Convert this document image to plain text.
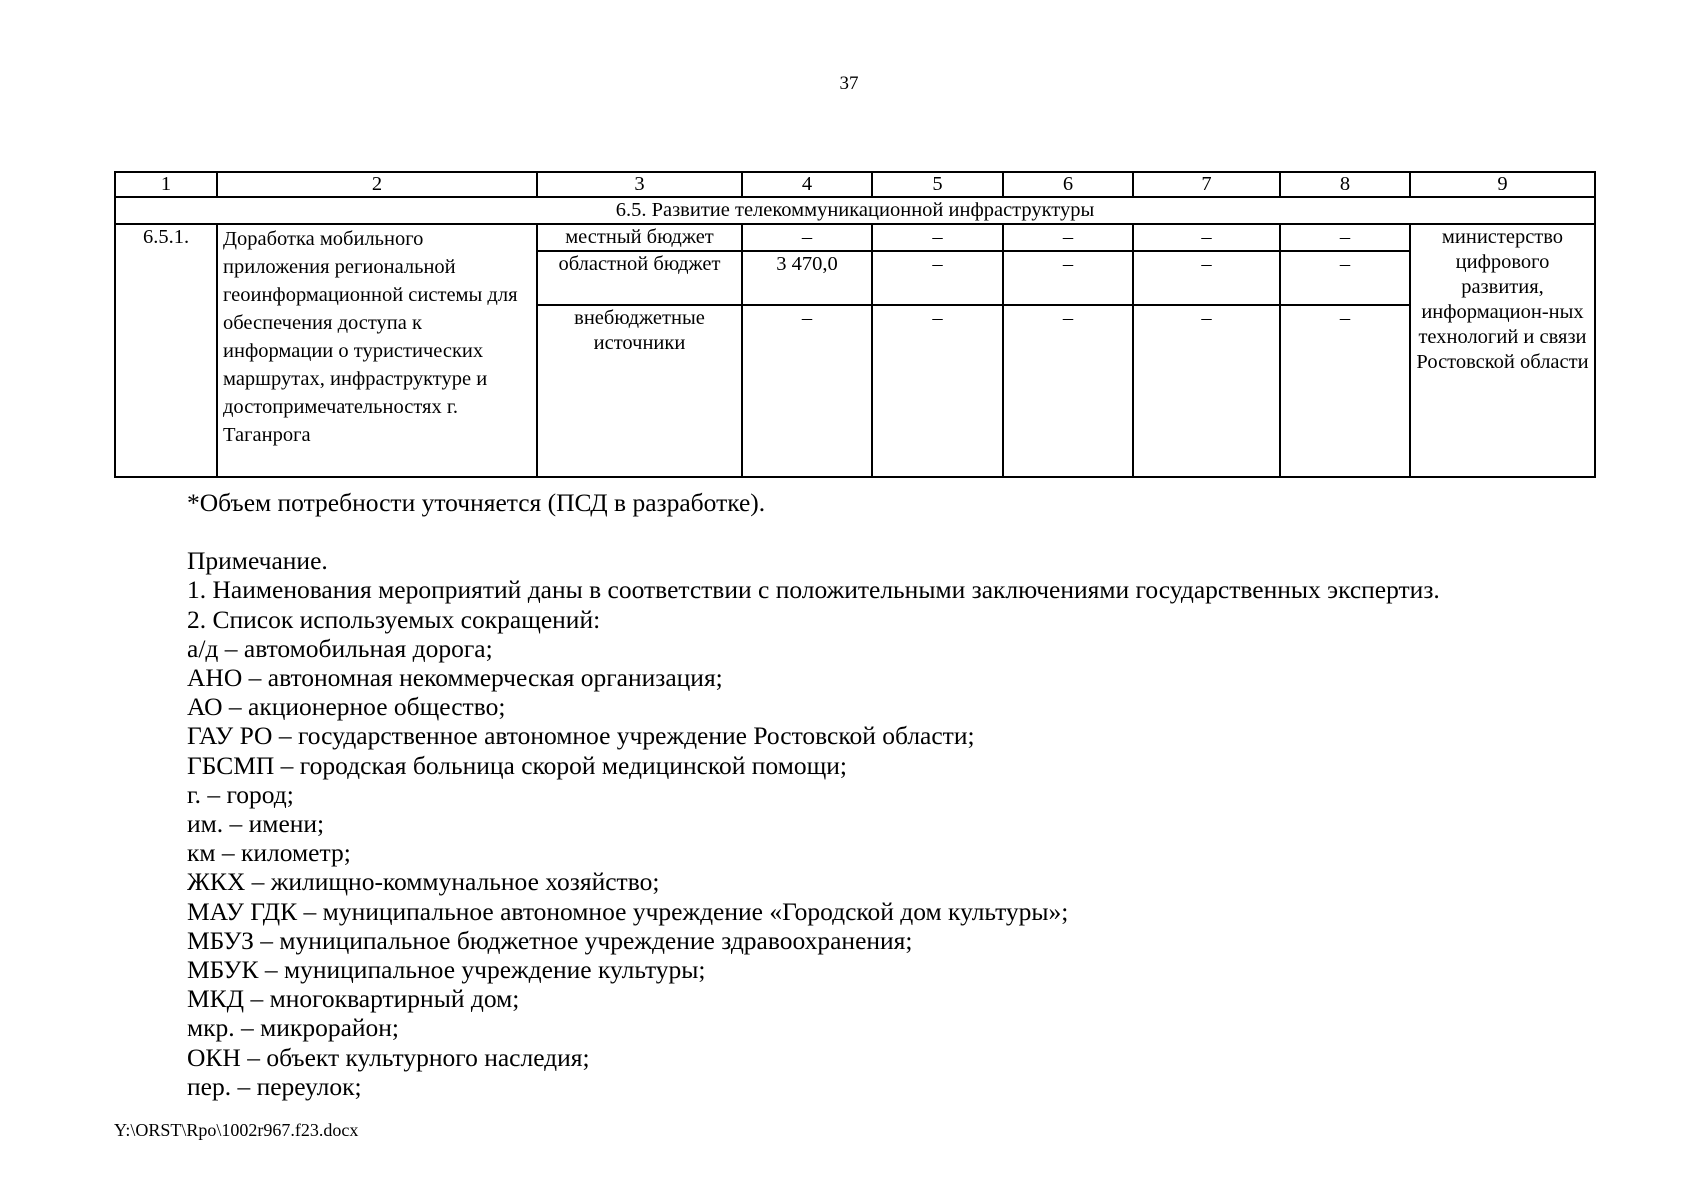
37
1	2	3	4	5	6	7	8	9
6.5. Развитие телекоммуникационной инфраструктуры								
6.5.1.	Доработка мобильного приложения региональной геоинформационной системы для обеспечения доступа к информации о туристических маршрутах, инфраструктуре и достопримечательностях г. Таганрога	местный бюджет	–	–	–	–	–	министерство цифрового развития, информацион-ных технологий и связи Ростовской области
		областной бюджет	3 470,0	–	–	–	–	
		внебюджетные источники	–	–	–	–	–	
*Объем потребности уточняется (ПСД в разработке).
Примечание.
1. Наименования мероприятий даны в соответствии с положительными заключениями государственных экспертиз.
2. Список используемых сокращений:
а/д – автомобильная дорога;
АНО – автономная некоммерческая организация;
АО – акционерное общество;
ГАУ РО – государственное автономное учреждение Ростовской области;
ГБСМП – городская больница скорой медицинской помощи;
г. – город;
им. – имени;
км – километр;
ЖКХ – жилищно-коммунальное хозяйство;
МАУ ГДК – муниципальное автономное учреждение «Городской дом культуры»;
МБУЗ – муниципальное бюджетное учреждение здравоохранения;
МБУК – муниципальное учреждение культуры;
МКД – многоквартирный дом;
мкр. – микрорайон;
ОКН – объект культурного наследия;
пер. – переулок;
Y:\ORST\Rpo\1002r967.f23.docx
